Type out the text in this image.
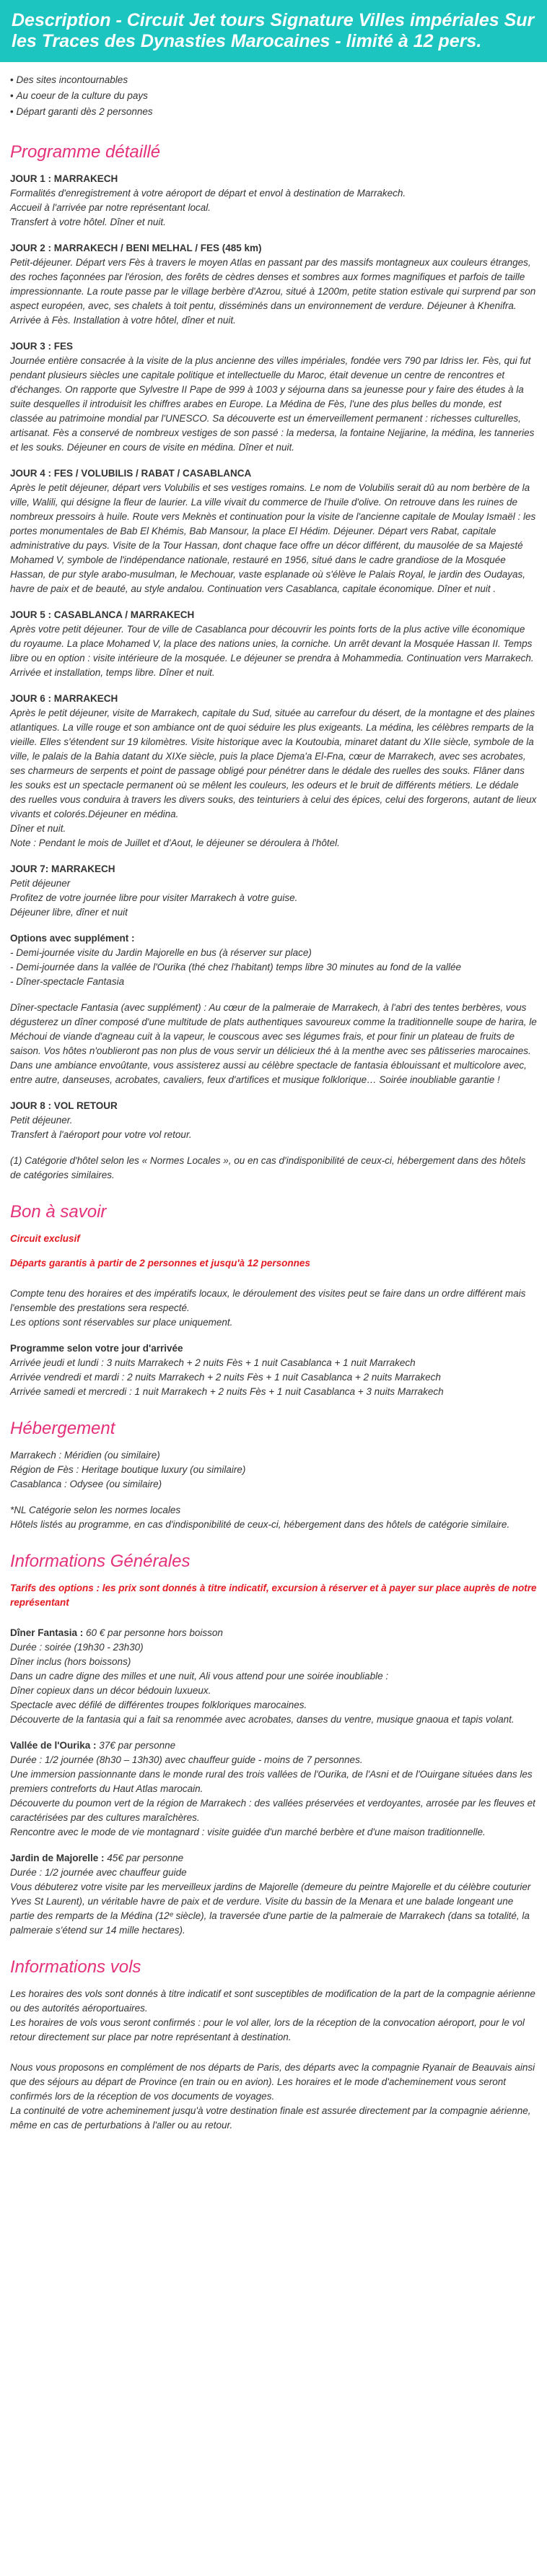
Description - Circuit Jet tours Signature Villes impériales Sur les Traces des Dynasties Marocaines - limité à 12 pers.
• Des sites incontournables
• Au coeur de la culture du pays
• Départ garanti dès 2 personnes
Programme détaillé
JOUR 1 : MARRAKECH
Formalités d'enregistrement à votre aéroport de départ et envol à destination de Marrakech.
Accueil à l'arrivée par notre représentant local.
Transfert à votre hôtel. Dîner et nuit.
JOUR 2 : MARRAKECH / BENI MELHAL / FES (485 km)
Petit-déjeuner. Départ vers Fès à travers le moyen Atlas en passant par des massifs montagneux aux couleurs étranges, des roches façonnées par l'érosion, des forêts de cèdres denses et sombres aux formes magnifiques et parfois de taille impressionnante. La route passe par le village berbère d'Azrou, situé à 1200m, petite station estivale qui surprend par son aspect européen, avec, ses chalets à toit pentu, disséminés dans un environnement de verdure. Déjeuner à Khenifra. Arrivée à Fès. Installation à votre hôtel, dîner et nuit.
JOUR 3 : FES
Journée entière consacrée à la visite de la plus ancienne des villes impériales, fondée vers 790 par Idriss Ier. Fès, qui fut pendant plusieurs siècles une capitale politique et intellectuelle du Maroc, était devenue un centre de rencontres et d'échanges. On rapporte que Sylvestre II Pape de 999 à 1003 y séjourna dans sa jeunesse pour y faire des études à la suite desquelles il introduisit les chiffres arabes en Europe. La Médina de Fès, l'une des plus belles du monde, est classée au patrimoine mondial par l'UNESCO. Sa découverte est un émerveillement permanent : richesses culturelles, artisanat. Fès a conservé de nombreux vestiges de son passé : la medersa, la fontaine Nejjarine, la médina, les tanneries et les souks. Déjeuner en cours de visite en médina. Dîner et nuit.
JOUR 4 : FES / VOLUBILIS / RABAT / CASABLANCA
Après le petit déjeuner, départ vers Volubilis et ses vestiges romains. Le nom de Volubilis serait dû au nom berbère de la ville, Walili, qui désigne la fleur de laurier. La ville vivait du commerce de l'huile d'olive. On retrouve dans les ruines de nombreux pressoirs à huile. Route vers Meknès et continuation pour la visite de l'ancienne capitale de Moulay Ismaël : les portes monumentales de Bab El Khémis, Bab Mansour, la place El Hédim. Déjeuner. Départ vers Rabat, capitale administrative du pays. Visite de la Tour Hassan, dont chaque face offre un décor différent, du mausolée de sa Majesté Mohamed V, symbole de l'indépendance nationale, restauré en 1956, situé dans le cadre grandiose de la Mosquée Hassan, de pur style arabo-musulman, le Mechouar, vaste esplanade où s'élève le Palais Royal, le jardin des Oudayas, havre de paix et de beauté, au style andalou. Continuation vers Casablanca, capitale économique. Dîner et nuit .
JOUR 5 : CASABLANCA / MARRAKECH
Après votre petit déjeuner. Tour de ville de Casablanca pour découvrir les points forts de la plus active ville économique du royaume. La place Mohamed V, la place des nations unies, la corniche. Un arrêt devant la Mosquée Hassan II. Temps libre ou en option : visite intérieure de la mosquée. Le déjeuner se prendra à Mohammedia. Continuation vers Marrakech. Arrivée et installation, temps libre. Dîner et nuit.
JOUR 6 : MARRAKECH
Après le petit déjeuner, visite de Marrakech, capitale du Sud, située au carrefour du désert, de la montagne et des plaines atlantiques. La ville rouge et son ambiance ont de quoi séduire les plus exigeants. La médina, les célèbres remparts de la vieille. Elles s'étendent sur 19 kilomètres. Visite historique avec la Koutoubia, minaret datant du XIIe siècle, symbole de la ville, le palais de la Bahia datant du XIXe siècle, puis la place Djema'a El-Fna, cœur de Marrakech, avec ses acrobates, ses charmeurs de serpents et point de passage obligé pour pénétrer dans le dédale des ruelles des souks. Flâner dans les souks est un spectacle permanent où se mêlent les couleurs, les odeurs et le bruit de différents métiers. Le dédale des ruelles vous conduira à travers les divers souks, des teinturiers à celui des épices, celui des forgerons, autant de lieux vivants et colorés.Déjeuner en médina.
Dîner et nuit.
Note : Pendant le mois de Juillet et d'Aout, le déjeuner se déroulera à l'hôtel.
JOUR 7: MARRAKECH
Petit déjeuner
Profitez de votre journée libre pour visiter Marrakech à votre guise.
Déjeuner libre, dîner et nuit
Options avec supplément :
- Demi-journée visite du Jardin Majorelle en bus (à réserver sur place)
- Demi-journée dans la vallée de l'Ourika (thé chez l'habitant) temps libre 30 minutes au fond de la vallée
- Dîner-spectacle Fantasia
Dîner-spectacle Fantasia (avec supplément) : Au cœur de la palmeraie de Marrakech, à l'abri des tentes berbères, vous dégusterez un dîner composé d'une multitude de plats authentiques savoureux comme la traditionnelle soupe de harira, le Méchoui de viande d'agneau cuit à la vapeur, le couscous avec ses légumes frais, et pour finir un plateau de fruits de saison. Vos hôtes n'oublieront pas non plus de vous servir un délicieux thé à la menthe avec ses pâtisseries marocaines. Dans une ambiance envoûtante, vous assisterez aussi au célèbre spectacle de fantasia éblouissant et multicolore avec, entre autre, danseuses, acrobates, cavaliers, feux d'artifices et musique folklorique… Soirée inoubliable garantie !
JOUR 8 : VOL RETOUR
Petit déjeuner.
Transfert à l'aéroport pour votre vol retour.
(1) Catégorie d'hôtel selon les « Normes Locales », ou en cas d'indisponibilité de ceux-ci, hébergement dans des hôtels de catégories similaires.
Bon à savoir
Circuit exclusif
Départs garantis à partir de 2 personnes et jusqu'à 12 personnes
Compte tenu des horaires et des impératifs locaux, le déroulement des visites peut se faire dans un ordre différent mais l'ensemble des prestations sera respecté.
Les options sont réservables sur place uniquement.
Programme selon votre jour d'arrivée
Arrivée jeudi et lundi : 3 nuits Marrakech + 2 nuits Fès + 1 nuit Casablanca + 1 nuit Marrakech
Arrivée vendredi et mardi : 2 nuits Marrakech + 2 nuits Fès + 1 nuit Casablanca + 2 nuits Marrakech
Arrivée samedi et mercredi : 1 nuit Marrakech + 2 nuits Fès + 1 nuit Casablanca + 3 nuits Marrakech
Hébergement
Marrakech : Méridien (ou similaire)
Région de Fès : Heritage boutique luxury (ou similaire)
Casablanca : Odysee (ou similaire)
*NL Catégorie selon les normes locales
Hôtels listés au programme, en cas d'indisponibilité de ceux-ci, hébergement dans des hôtels de catégorie similaire.
Informations Générales
Tarifs des options : les prix sont donnés à titre indicatif, excursion à réserver et à payer sur place auprès de notre représentant
Dîner Fantasia : 60 € par personne hors boisson
Durée : soirée (19h30 - 23h30)
Dîner inclus (hors boissons)
Dans un cadre digne des milles et une nuit, Ali vous attend pour une soirée inoubliable :
Dîner copieux dans un décor bédouin luxueux.
Spectacle avec défilé de différentes troupes folkloriques marocaines.
Découverte de la fantasia qui a fait sa renommée avec acrobates, danses du ventre, musique gnaoua et tapis volant.
Vallée de l'Ourika : 37€ par personne
Durée : 1/2 journée (8h30 – 13h30) avec chauffeur guide - moins de 7 personnes.
Une immersion passionnante dans le monde rural des trois vallées de l'Ourika, de l'Asni et de l'Ouirgane situées dans les premiers contreforts du Haut Atlas marocain.
Découverte du poumon vert de la région de Marrakech : des vallées préservées et verdoyantes, arrosée par les fleuves et caractérisées par des cultures maraîchères.
Rencontre avec le mode de vie montagnard : visite guidée d'un marché berbère et d'une maison traditionnelle.
Jardin de Majorelle : 45€ par personne
Durée : 1/2 journée avec chauffeur guide
Vous débuterez votre visite par les merveilleux jardins de Majorelle (demeure du peintre Majorelle et du célèbre couturier Yves St Laurent), un véritable havre de paix et de verdure. Visite du bassin de la Menara et une balade longeant une partie des remparts de la Médina (12ᵉ siècle), la traversée d'une partie de la palmeraie de Marrakech (dans sa totalité, la palmeraie s'étend sur 14 mille hectares).
Informations vols
Les horaires des vols sont donnés à titre indicatif et sont susceptibles de modification de la part de la compagnie aérienne ou des autorités aéroportuaires.
Les horaires de vols vous seront confirmés : pour le vol aller, lors de la réception de la convocation aéroport, pour le vol retour directement sur place par notre représentant à destination.
Nous vous proposons en complément de nos départs de Paris, des départs avec la compagnie Ryanair de Beauvais ainsi que des séjours au départ de Province (en train ou en avion). Les horaires et le mode d'acheminement vous seront confirmés lors de la réception de vos documents de voyages.
La continuité de votre acheminement jusqu'à votre destination finale est assurée directement par la compagnie aérienne, même en cas de perturbations à l'aller ou au retour.
